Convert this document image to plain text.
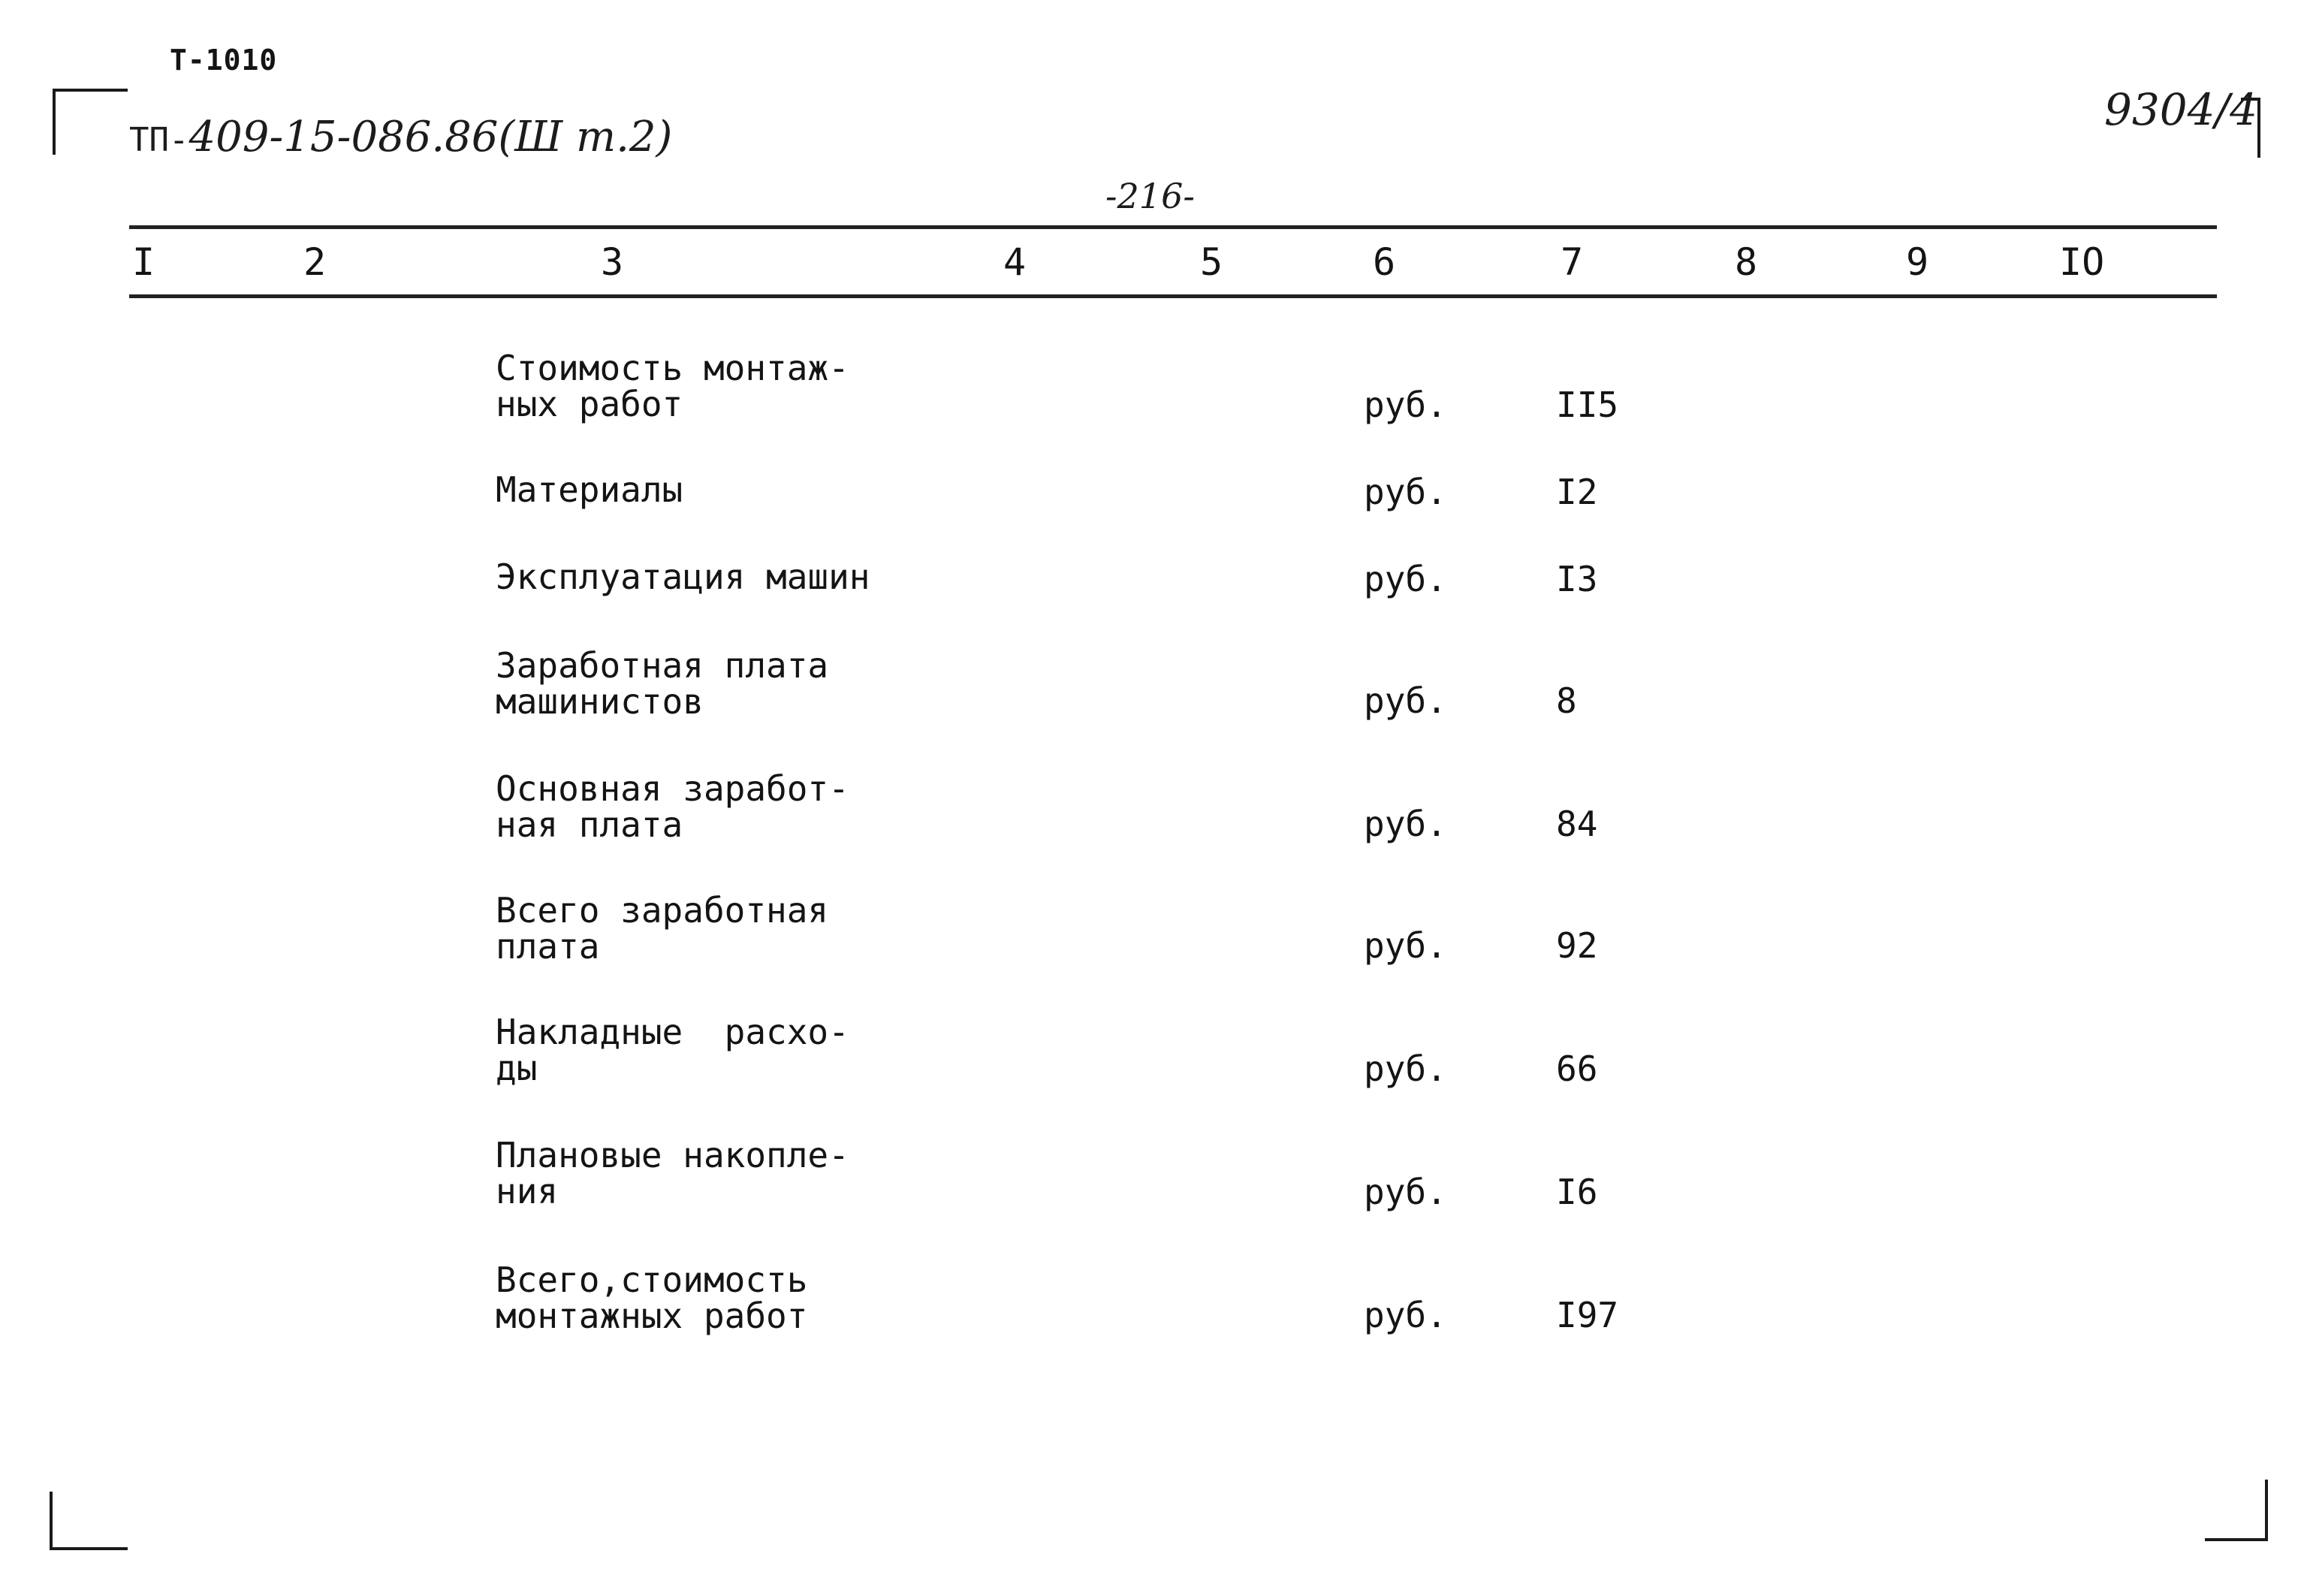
Т-1010
ТП-409-15-086.86(Ш т.2)
-216-
9304/4
I	2	3	4	5	6	7	8	9	IO
Стоимость монтаж-
ных работ	руб.	II5
Материалы	руб.	I2
Эксплуатация машин	руб.	I3
Заработная плата
машинистов	руб.	8
Основная заработ-
ная плата	руб.	84
Всего заработная
плата	руб.	92
Накладные  расхо-
ды	руб.	66
Плановые накопле-
ния	руб.	I6
Всего,стоимость
монтажных работ	руб.	I97
